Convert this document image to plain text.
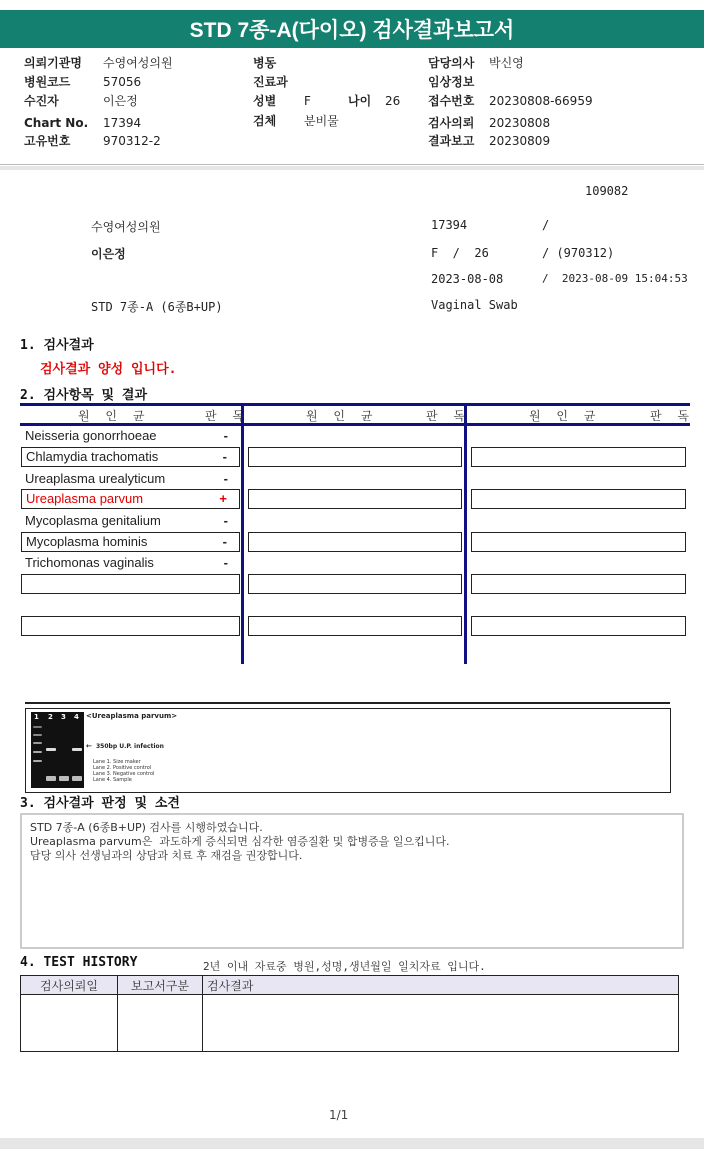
STD 7종-A(다이오) 검사결과보고서
의뢰기관명 수영여성의원
병원코드	57056
수진자	이은정
Chart No. 17394
고유번호	970312-2
병동
진료과
성별 F	나이 26
검체 분비물
담당의사 박신영
임상정보
접수번호 20230808-66959
검사의뢰 20230808
결과보고 20230809
109082
수영여성의원	17394	/
이은정	F  /  26	/ (970312)
2023-08-08	/  2023-08-09 15:04:53
STD 7종-A (6종B+UP)	Vaginal Swab
1. 검사결과
검사결과 양성 입니다.
2. 검사항목 및 결과
원 인 균	판 독	원 인 균	판 독	원 인 균	판 독
Neisseria gonorrhoeae	-
Chlamydia trachomatis	-
Ureaplasma urealyticum	-
Ureaplasma parvum	+
Mycoplasma genitalium	-
Mycoplasma hominis	-
Trichomonas vaginalis	-
1 2 3 4 <Ureaplasma parvum>
← 350bp U.P. infection
Lane 1. Size maker
Lane 2. Positive control
Lane 3. Negative control
Lane 4. Sample
3. 검사결과 판정 및 소견
STD 7종-A (6종B+UP) 검사를 시행하였습니다.
Ureaplasma parvum은  과도하게 증식되면 심각한 염증질환 및 합병증을 일으킵니다.
담당 의사 선생님과의 상담과 치료 후 재검을 권장합니다.
4. TEST HISTORY	2년 이내 자료중 병원,성명,생년월일 일치자료 입니다.
검사의뢰일	보고서구분	검사결과

1/1
